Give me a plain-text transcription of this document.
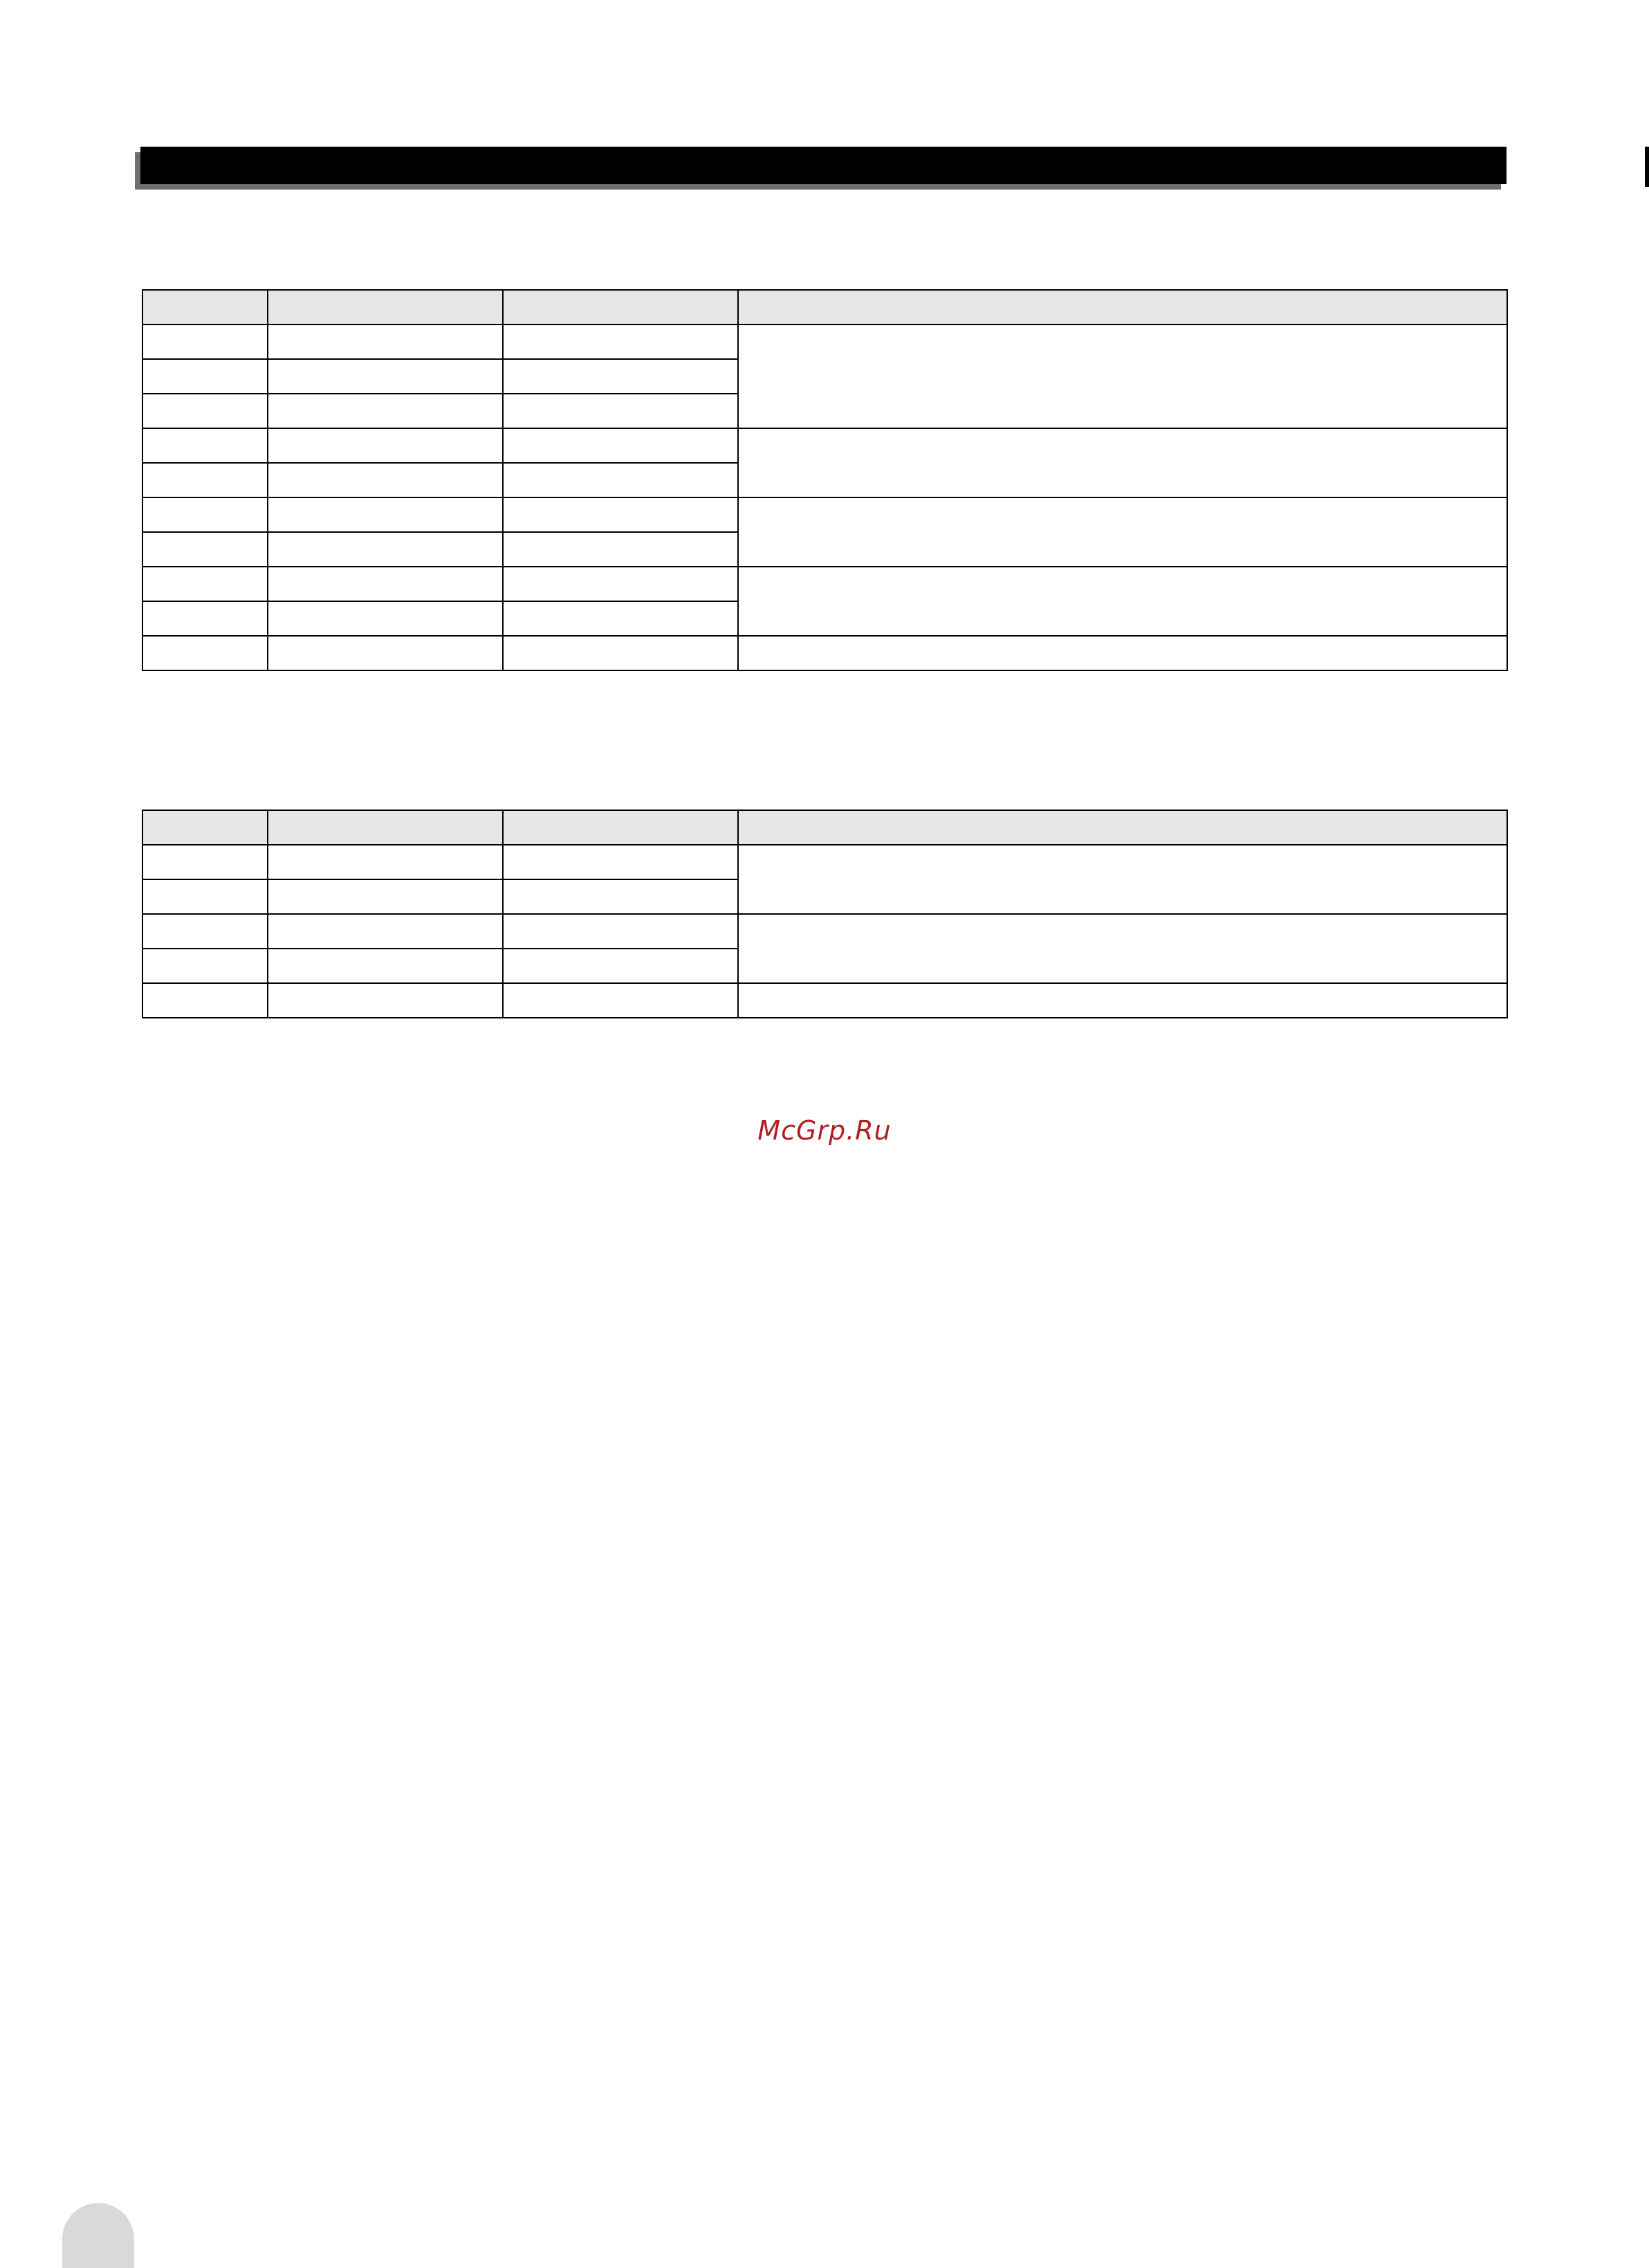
McGrp.Ru
